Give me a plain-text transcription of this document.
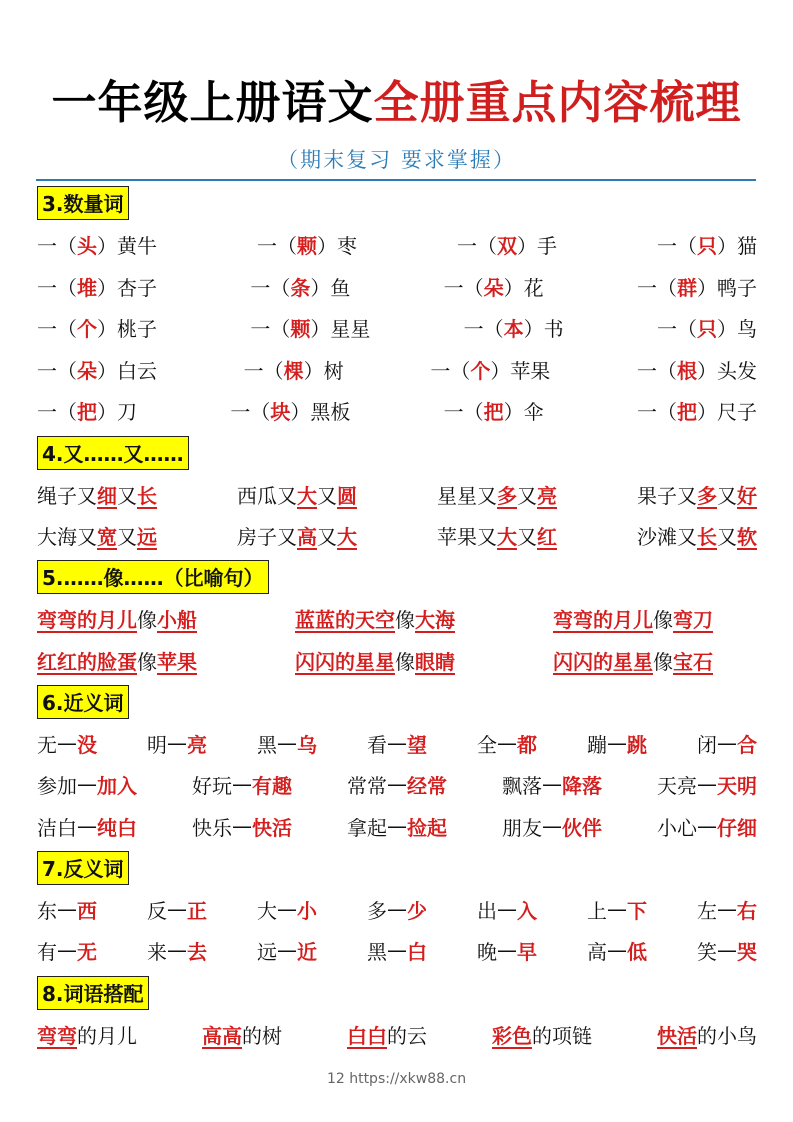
一年级上册语文全册重点内容梳理
（期末复习 要求掌握）
3.数量词
一 （ 头 ） 黄牛	一 （ 颗 ） 枣	一 （ 双 ） 手	一 （ 只 ） 猫
一 （ 堆 ） 杏子	一 （ 条 ） 鱼	一 （ 朵 ） 花	一 （ 群 ） 鸭子
一 （ 个 ） 桃子	一 （ 颗 ） 星星	一 （ 本 ） 书	一 （ 只 ） 鸟
一 （ 朵 ） 白云	一 （ 棵 ） 树	一 （ 个 ） 苹果	一 （ 根 ） 头发
一 （ 把 ） 刀	一 （ 块 ） 黑板	一 （ 把 ） 伞	一 （ 把 ） 尺子
4.又……又……
绳子 又 细 又 长	西瓜 又 大 又 圆	星星 又 多 又 亮	果子 又 多 又 好
大海 又 宽 又 远	房子 又 高 又 大	苹果 又 大 又 红	沙滩 又 长 又 软
5.……像……（比喻句）
弯弯的月儿 像 小船	蓝蓝的天空 像 大海	弯弯的月儿 像 弯刀
红红的脸蛋 像 苹果	闪闪的星星 像 眼睛	闪闪的星星 像 宝石
6.近义词
无 — 没	明 — 亮	黑 — 乌	看 — 望	全 — 都	蹦 — 跳	闭 — 合
参加 — 加入	好玩 — 有趣	常常 — 经常	飘落 — 降落	天亮 — 天明
洁白 — 纯白	快乐 — 快活	拿起 — 捡起	朋友 — 伙伴	小心 — 仔细
7.反义词
东 — 西	反 — 正	大 — 小	多 — 少	出 — 入	上 — 下	左 — 右
有 — 无	来 — 去	远 — 近	黑 — 白	晚 — 早	高 — 低	笑 — 哭
8.词语搭配
弯弯 的月儿	高高 的树	白白 的云	彩色 的项链	快活 的小鸟
12 https://xkw88.cn
